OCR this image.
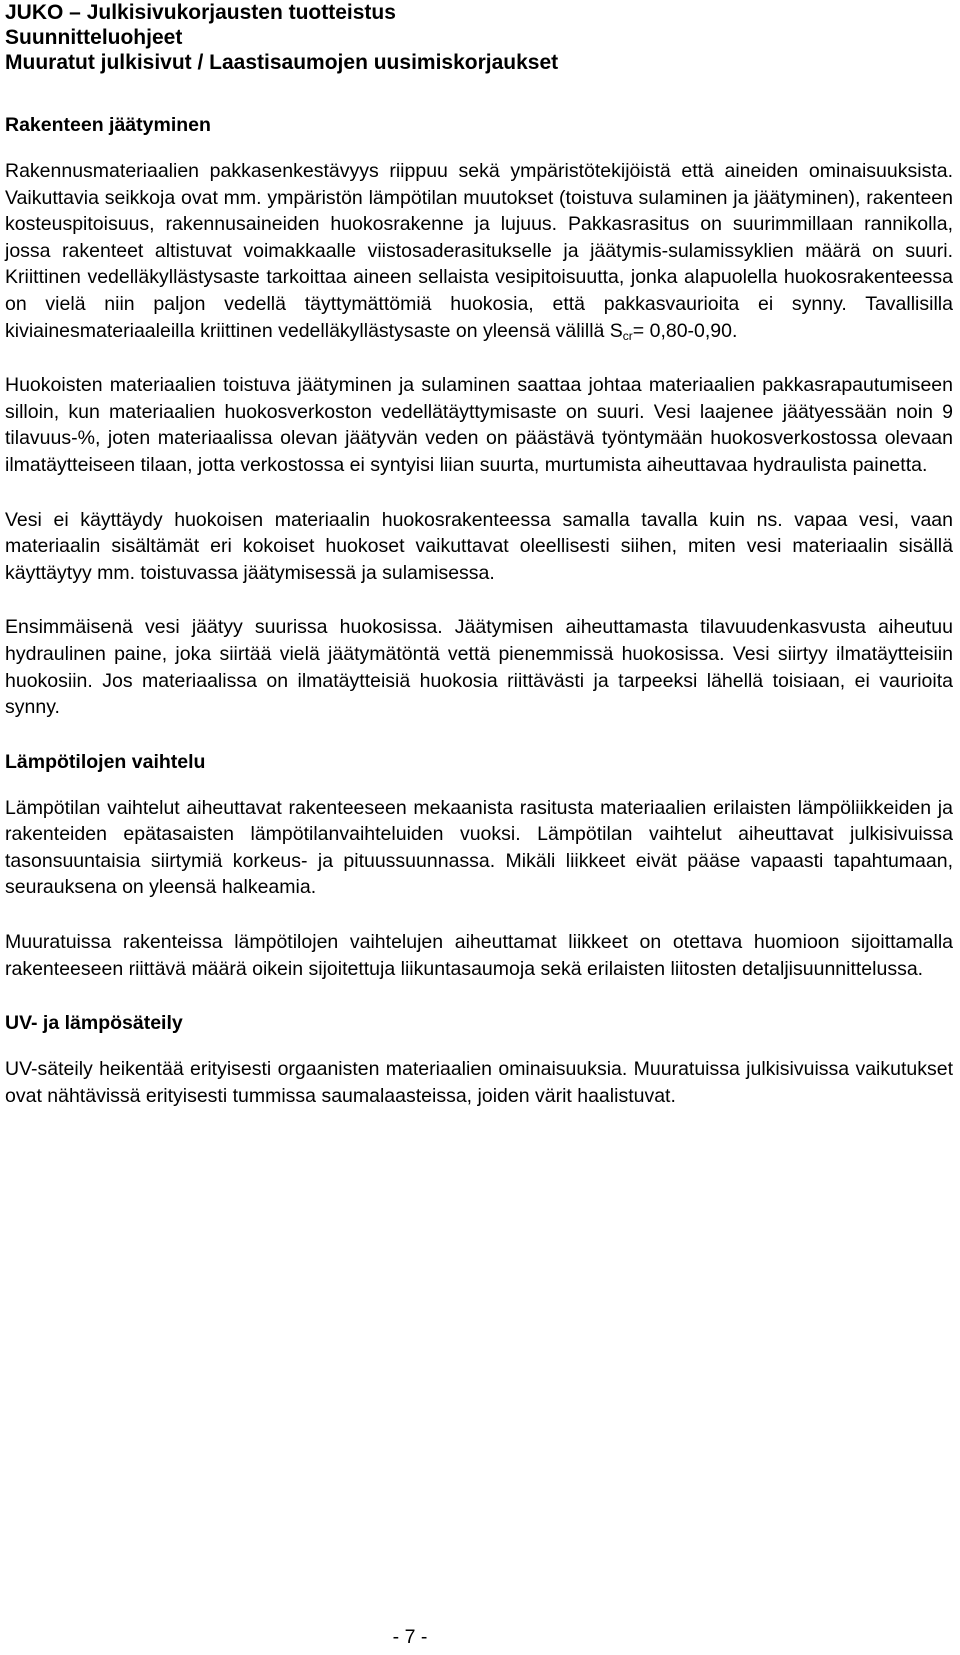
JUKO – Julkisivukorjausten tuotteistus
Suunnitteluohjeet
Muuratut julkisivut / Laastisaumojen uusimiskorjaukset
Rakenteen jäätyminen

Rakennusmateriaalien pakkasenkestävyys riippuu sekä ympäristötekijöistä että aineiden ominaisuuksista. Vaikuttavia seikkoja ovat mm. ympäristön lämpötilan muutokset (toistuva sulaminen ja jäätyminen), rakenteen kosteuspitoisuus, rakennusaineiden huokosrakenne ja lujuus. Pakkasrasitus on suurimmillaan rannikolla, jossa rakenteet altistuvat voimakkaalle viistosaderasitukselle ja jäätymis-sulamissyklien määrä on suuri. Kriittinen vedelläkyllästysaste tarkoittaa aineen sellaista vesipitoisuutta, jonka alapuolella huokosrakenteessa on vielä niin paljon vedellä täyttymättömiä huokosia, että pakkasvaurioita ei synny. Tavallisilla kiviainesmateriaaleilla kriittinen vedelläkyllästysaste on yleensä välillä $S_{cr}= 0,80-0,90$.

Huokoisten materiaalien toistuva jäätyminen ja sulaminen saattaa johtaa materiaalien pakkasrapautumiseen silloin, kun materiaalien huokosverkoston vedellätäyttymisaste on suuri. Vesi laajenee jäätyessään noin 9 tilavuus-%, joten materiaalissa olevan jäätyvän veden on päästävä työntymään huokosverkostossa olevaan ilmatäytteiseen tilaan, jotta verkostossa ei syntyisi liian suurta, murtumista aiheuttavaa hydraulista painetta.

Vesi ei käyttäydy huokoisen materiaalin huokosrakenteessa samalla tavalla kuin ns. vapaa vesi, vaan materiaalin sisältämät eri kokoiset huokoset vaikuttavat oleellisesti siihen, miten vesi materiaalin sisällä käyttäytyy mm. toistuvassa jäätymisessä ja sulamisessa.

Ensimmäisenä vesi jäätyy suurissa huokosissa. Jäätymisen aiheuttamasta tilavuudenkasvusta aiheutuu hydraulinen paine, joka siirtää vielä jäätymätöntä vettä pienemmissä huokosissa. Vesi siirtyy ilmatäytteisiin huokosiin. Jos materiaalissa on ilmatäytteisiä huokosia riittävästi ja tarpeeksi lähellä toisiaan, ei vaurioita synny.

Lämpötilojen vaihtelu

Lämpötilan vaihtelut aiheuttavat rakenteeseen mekaanista rasitusta materiaalien erilaisten lämpöliikkeiden ja rakenteiden epätasaisten lämpötilanvaihteluiden vuoksi. Lämpötilan vaihtelut aiheuttavat julkisivuissa tasonsuuntaisia siirtymiä korkeus- ja pituussuunnassa. Mikäli liikkeet eivät pääse vapaasti tapahtumaan, seurauksena on yleensä halkeamia.

Muuratuissa rakenteissa lämpötilojen vaihtelujen aiheuttamat liikkeet on otettava huomioon sijoittamalla rakenteeseen riittävä määrä oikein sijoitettuja liikuntasaumoja sekä erilaisten liitosten detaljisuunnittelussa.

UV- ja lämpösäteily

UV-säteily heikentää erityisesti orgaanisten materiaalien ominaisuuksia. Muuratuissa julkisivuissa vaikutukset ovat nähtävissä erityisesti tummissa saumalaasteissa, joiden värit haalistuvat.

- 7 -
